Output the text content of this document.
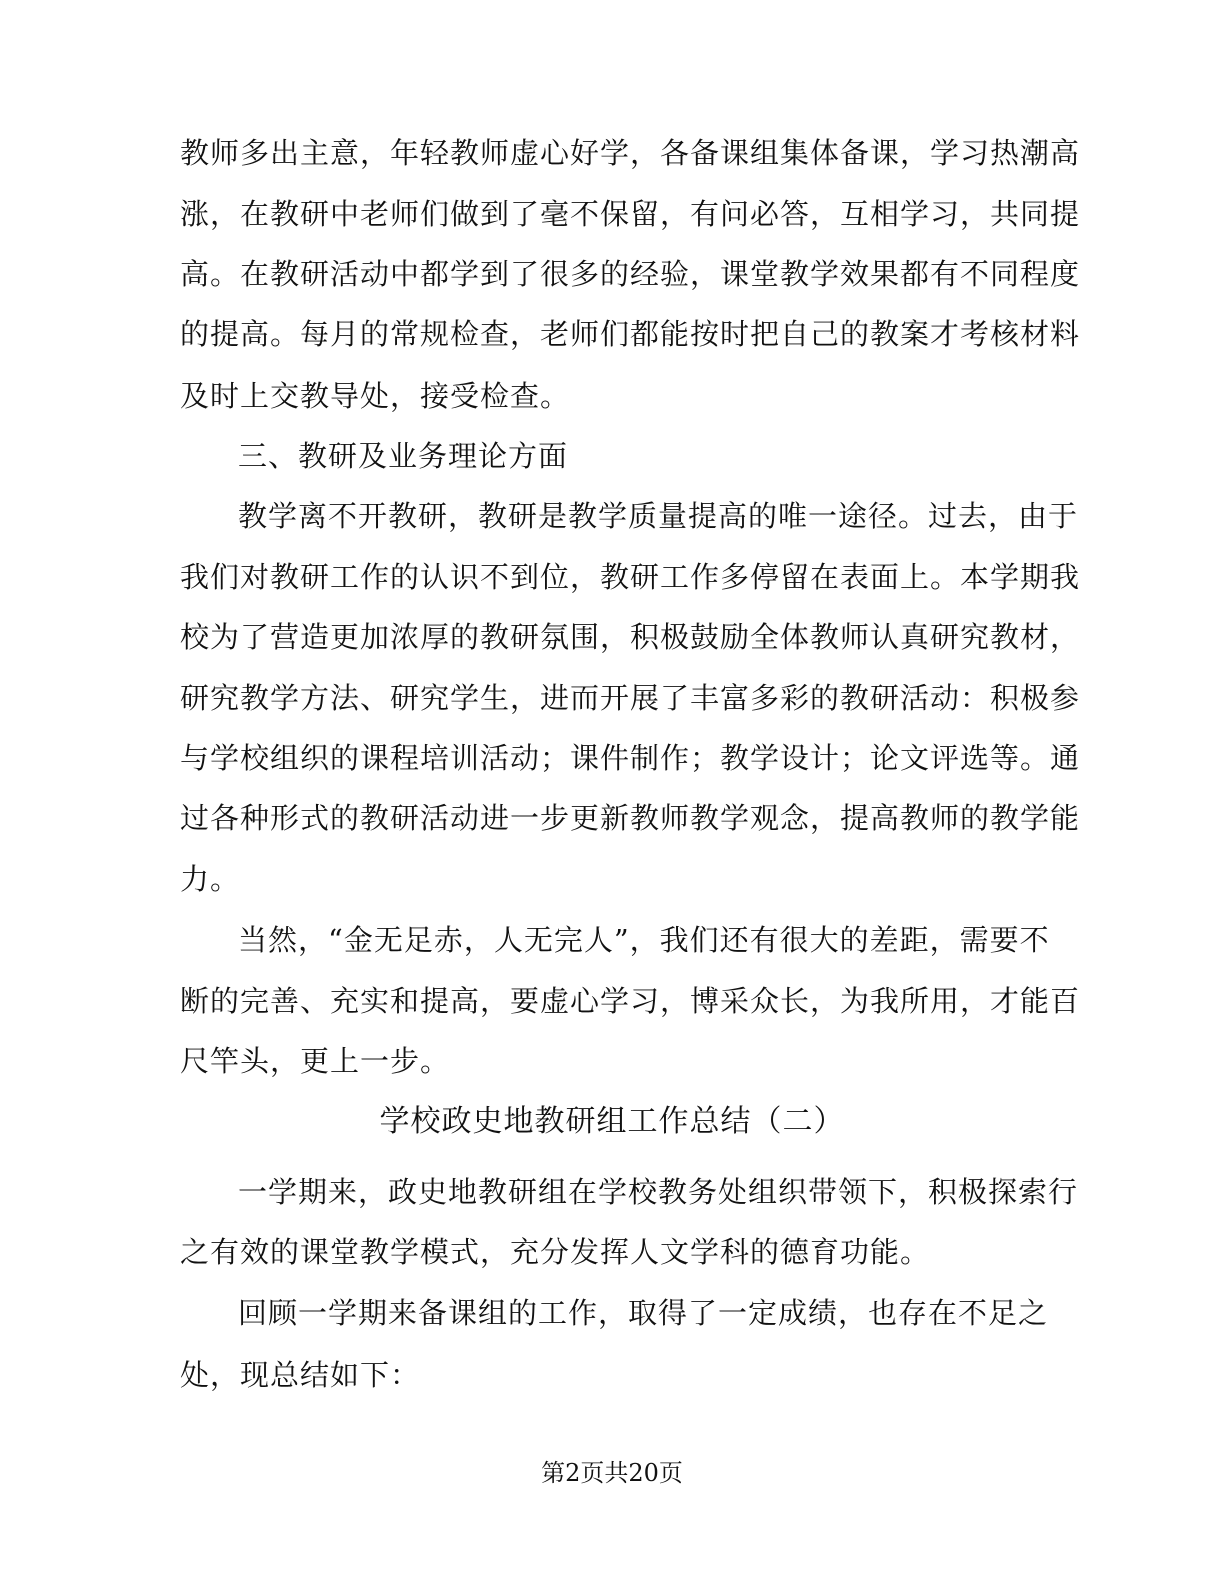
教师多出主意，年轻教师虚心好学，各备课组集体备课，学习热潮高
涨，在教研中老师们做到了毫不保留，有问必答，互相学习，共同提
高。在教研活动中都学到了很多的经验，课堂教学效果都有不同程度
的提高。每月的常规检查，老师们都能按时把自己的教案才考核材料
及时上交教导处，接受检查。
三、教研及业务理论方面
教学离不开教研，教研是教学质量提高的唯一途径。过去，由于
我们对教研工作的认识不到位，教研工作多停留在表面上。本学期我
校为了营造更加浓厚的教研氛围，积极鼓励全体教师认真研究教材，
研究教学方法、研究学生，进而开展了丰富多彩的教研活动：积极参
与学校组织的课程培训活动；课件制作；教学设计；论文评选等。通
过各种形式的教研活动进一步更新教师教学观念，提高教师的教学能
力。
当然，“金无足赤，人无完人”，我们还有很大的差距，需要不
断的完善、充实和提高，要虚心学习，博采众长，为我所用，才能百
尺竿头，更上一步。
学校政史地教研组工作总结（二）
一学期来，政史地教研组在学校教务处组织带领下，积极探索行
之有效的课堂教学模式，充分发挥人文学科的德育功能。
回顾一学期来备课组的工作，取得了一定成绩，也存在不足之
处，现总结如下：
第2页共20页
